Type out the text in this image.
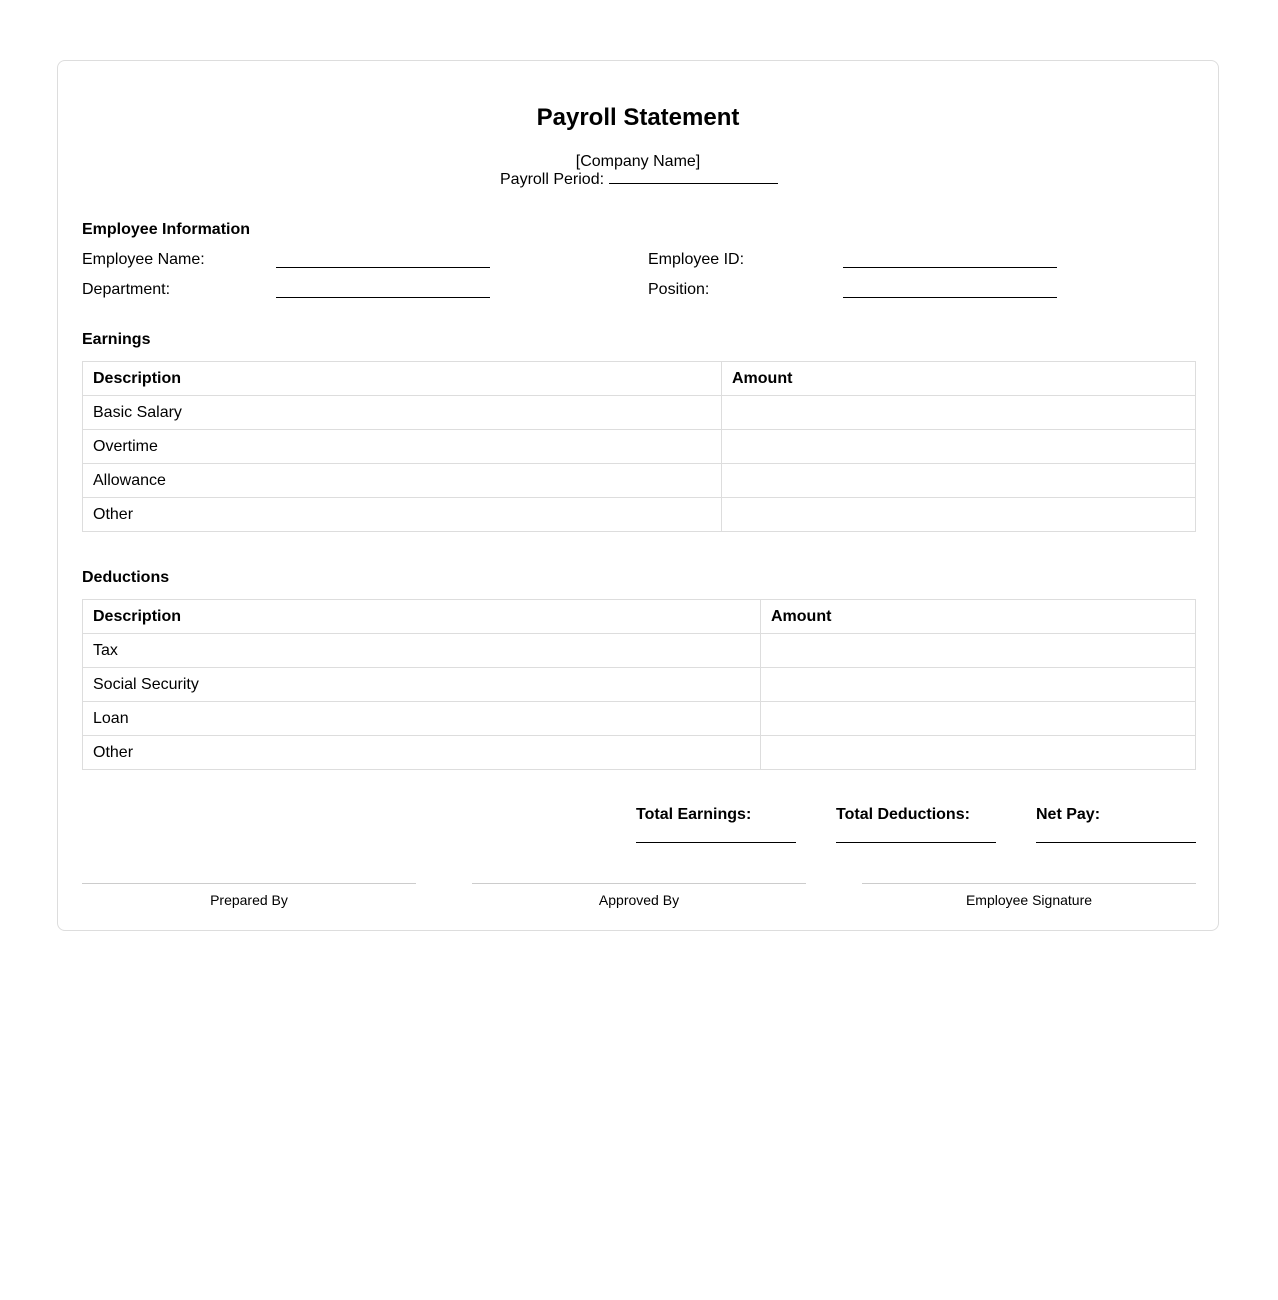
Payroll Statement
[Company Name]
Payroll Period:
Employee Information
Employee Name:	Employee ID:
Department:	Position:
Earnings
Description	Amount
Basic Salary	
Overtime	
Allowance	
Other	
Deductions
Description	Amount
Tax	
Social Security	
Loan	
Other	
Total Earnings:	Total Deductions:	Net Pay:
Prepared By	Approved By	Employee Signature
